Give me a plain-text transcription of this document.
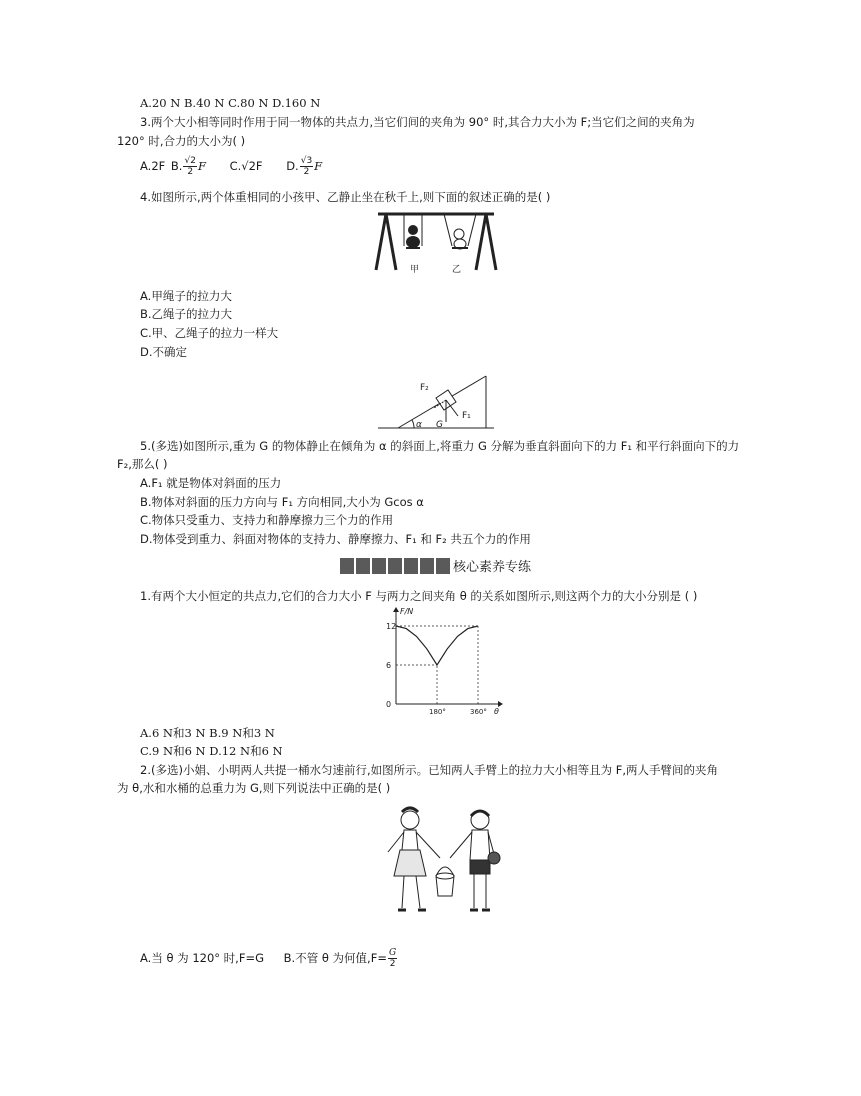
A.20 N B.40 N C.80 N D.160 N
3.两个大小相等同时作用于同一物体的共点力,当它们间的夹角为 90° 时,其合力大小为 F;当它们之间的夹角为
120° 时,合力的大小为( )
A.2F B. $\frac{√2}{2}$ F C.√2F D. $\frac{√3}{2}$ F
4.如图所示,两个体重相同的小孩甲、乙静止坐在秋千上,则下面的叙述正确的是( )
甲	乙
A.甲绳子的拉力大
B.乙绳子的拉力大
C.甲、乙绳子的拉力一样大
D.不确定
F₂
F₁
α G
5.(多选)如图所示,重为 G 的物体静止在倾角为 α 的斜面上,将重力 G 分解为垂直斜面向下的力 F₁ 和平行斜面向下的力
F₂,那么( )
A.F₁ 就是物体对斜面的压力
B.物体对斜面的压力方向与 F₁ 方向相同,大小为 Gcos α
C.物体只受重力、支持力和静摩擦力三个力的作用
D.物体受到重力、斜面对物体的支持力、静摩擦力、F₁ 和 F₂ 共五个力的作用
核心素养专练
1.有两个大小恒定的共点力,它们的合力大小 F 与两力之间夹角 θ 的关系如图所示,则这两个力的大小分别是 ( )
F/N
θ
0
6
12
180°	360°
A.6 N和3 N B.9 N和3 N
C.9 N和6 N D.12 N和6 N
2.(多选)小娟、小明两人共提一桶水匀速前行,如图所示。已知两人手臂上的拉力大小相等且为 F,两人手臂间的夹角
为 θ,水和水桶的总重力为 G,则下列说法中正确的是( )
A.当 θ 为 120° 时,F=G B.不管 θ 为何值$,F= \frac{G}{2}$
